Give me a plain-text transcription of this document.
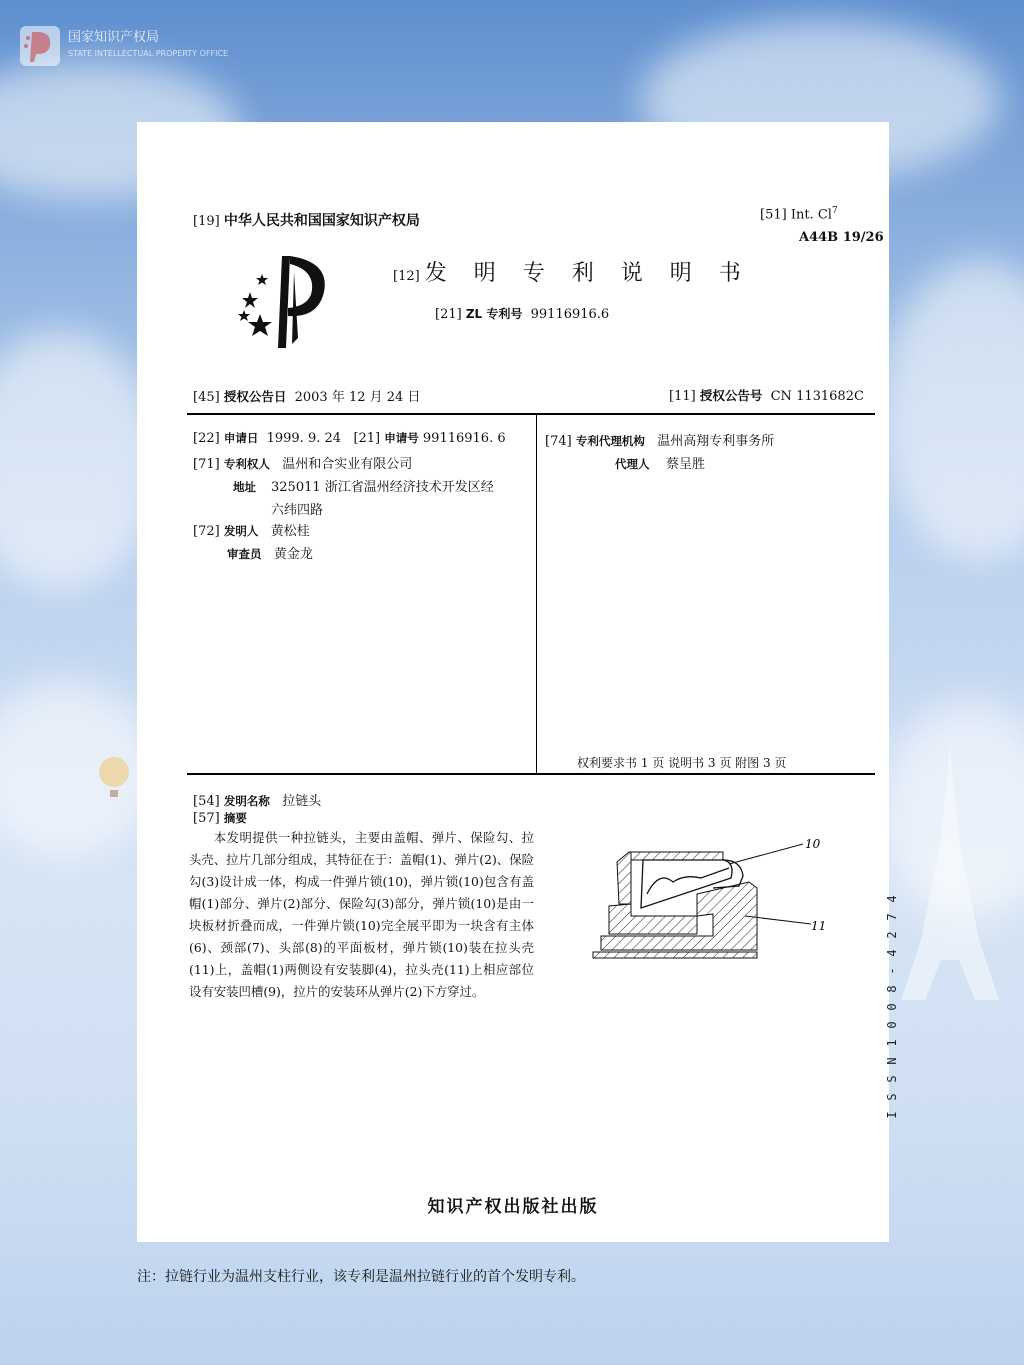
国家知识产权局
STATE INTELLECTUAL PROPERTY OFFICE
[19] 中华人民共和国国家知识产权局	[51] Int. Cl$^7$
A44B 19/26
[12] 发 明 专 利 说 明 书
[21] ZL 专利号 99116916.6
[45] 授权公告日 2003 年 12 月 24 日	[11] 授权公告号 CN 1131682C
[22] 申请日 1999. 9. 24 [21] 申请号 99116916. 6
[71] 专利权人 温州和合实业有限公司
地址 325011 浙江省温州经济技术开发区经
六纬四路
[72] 发明人 黄松桂
审查员 黄金龙
[74] 专利代理机构 温州高翔专利事务所
代理人 蔡呈胜
权利要求书 1 页 说明书 3 页 附图 3 页
[54] 发明名称 拉链头
[57] 摘要
本发明提供一种拉链头，主要由盖帽、弹片、保险勾、拉头壳、拉片几部分组成，其特征在于：盖帽(1)、弹片(2)、保险勾(3)设计成一体，构成一件弹片锁(10)，弹片锁(10)包含有盖帽(1)部分、弹片(2)部分、保险勾(3)部分，弹片锁(10)是由一块板材折叠而成，一件弹片锁(10)完全展平即为一块含有主体(6)、颈部(7)、头部(8)的平面板材，弹片锁(10)装在拉头壳(11)上，盖帽(1)两侧设有安装脚(4)，拉头壳(11)上相应部位设有安装凹槽(9)，拉片的安装环从弹片(2)下方穿过。
10
11
知识产权出版社出版
4
7
2
4
-
8
0
0
1
N
S
S
I
注：拉链行业为温州支柱行业，该专利是温州拉链行业的首个发明专利。
